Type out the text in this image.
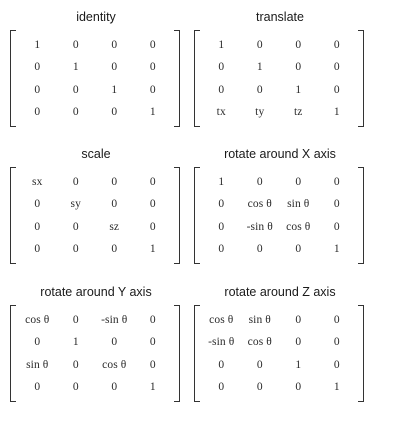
identity
1	0	0	0
0	1	0	0
0	0	1	0
0	0	0	1
translate
1	0	0	0
0	1	0	0
0	0	1	0
tx	ty	tz	1
scale
sx	0	0	0
0	sy	0	0
0	0	sz	0
0	0	0	1
rotate around X axis
1	0	0	0
0	cos θ	sin θ	0
0	-sin θ	cos θ	0
0	0	0	1
rotate around Y axis
cos θ	0	-sin θ	0
0	1	0	0
sin θ	0	cos θ	0
0	0	0	1
rotate around Z axis
cos θ	sin θ	0	0
-sin θ	cos θ	0	0
0	0	1	0
0	0	0	1
